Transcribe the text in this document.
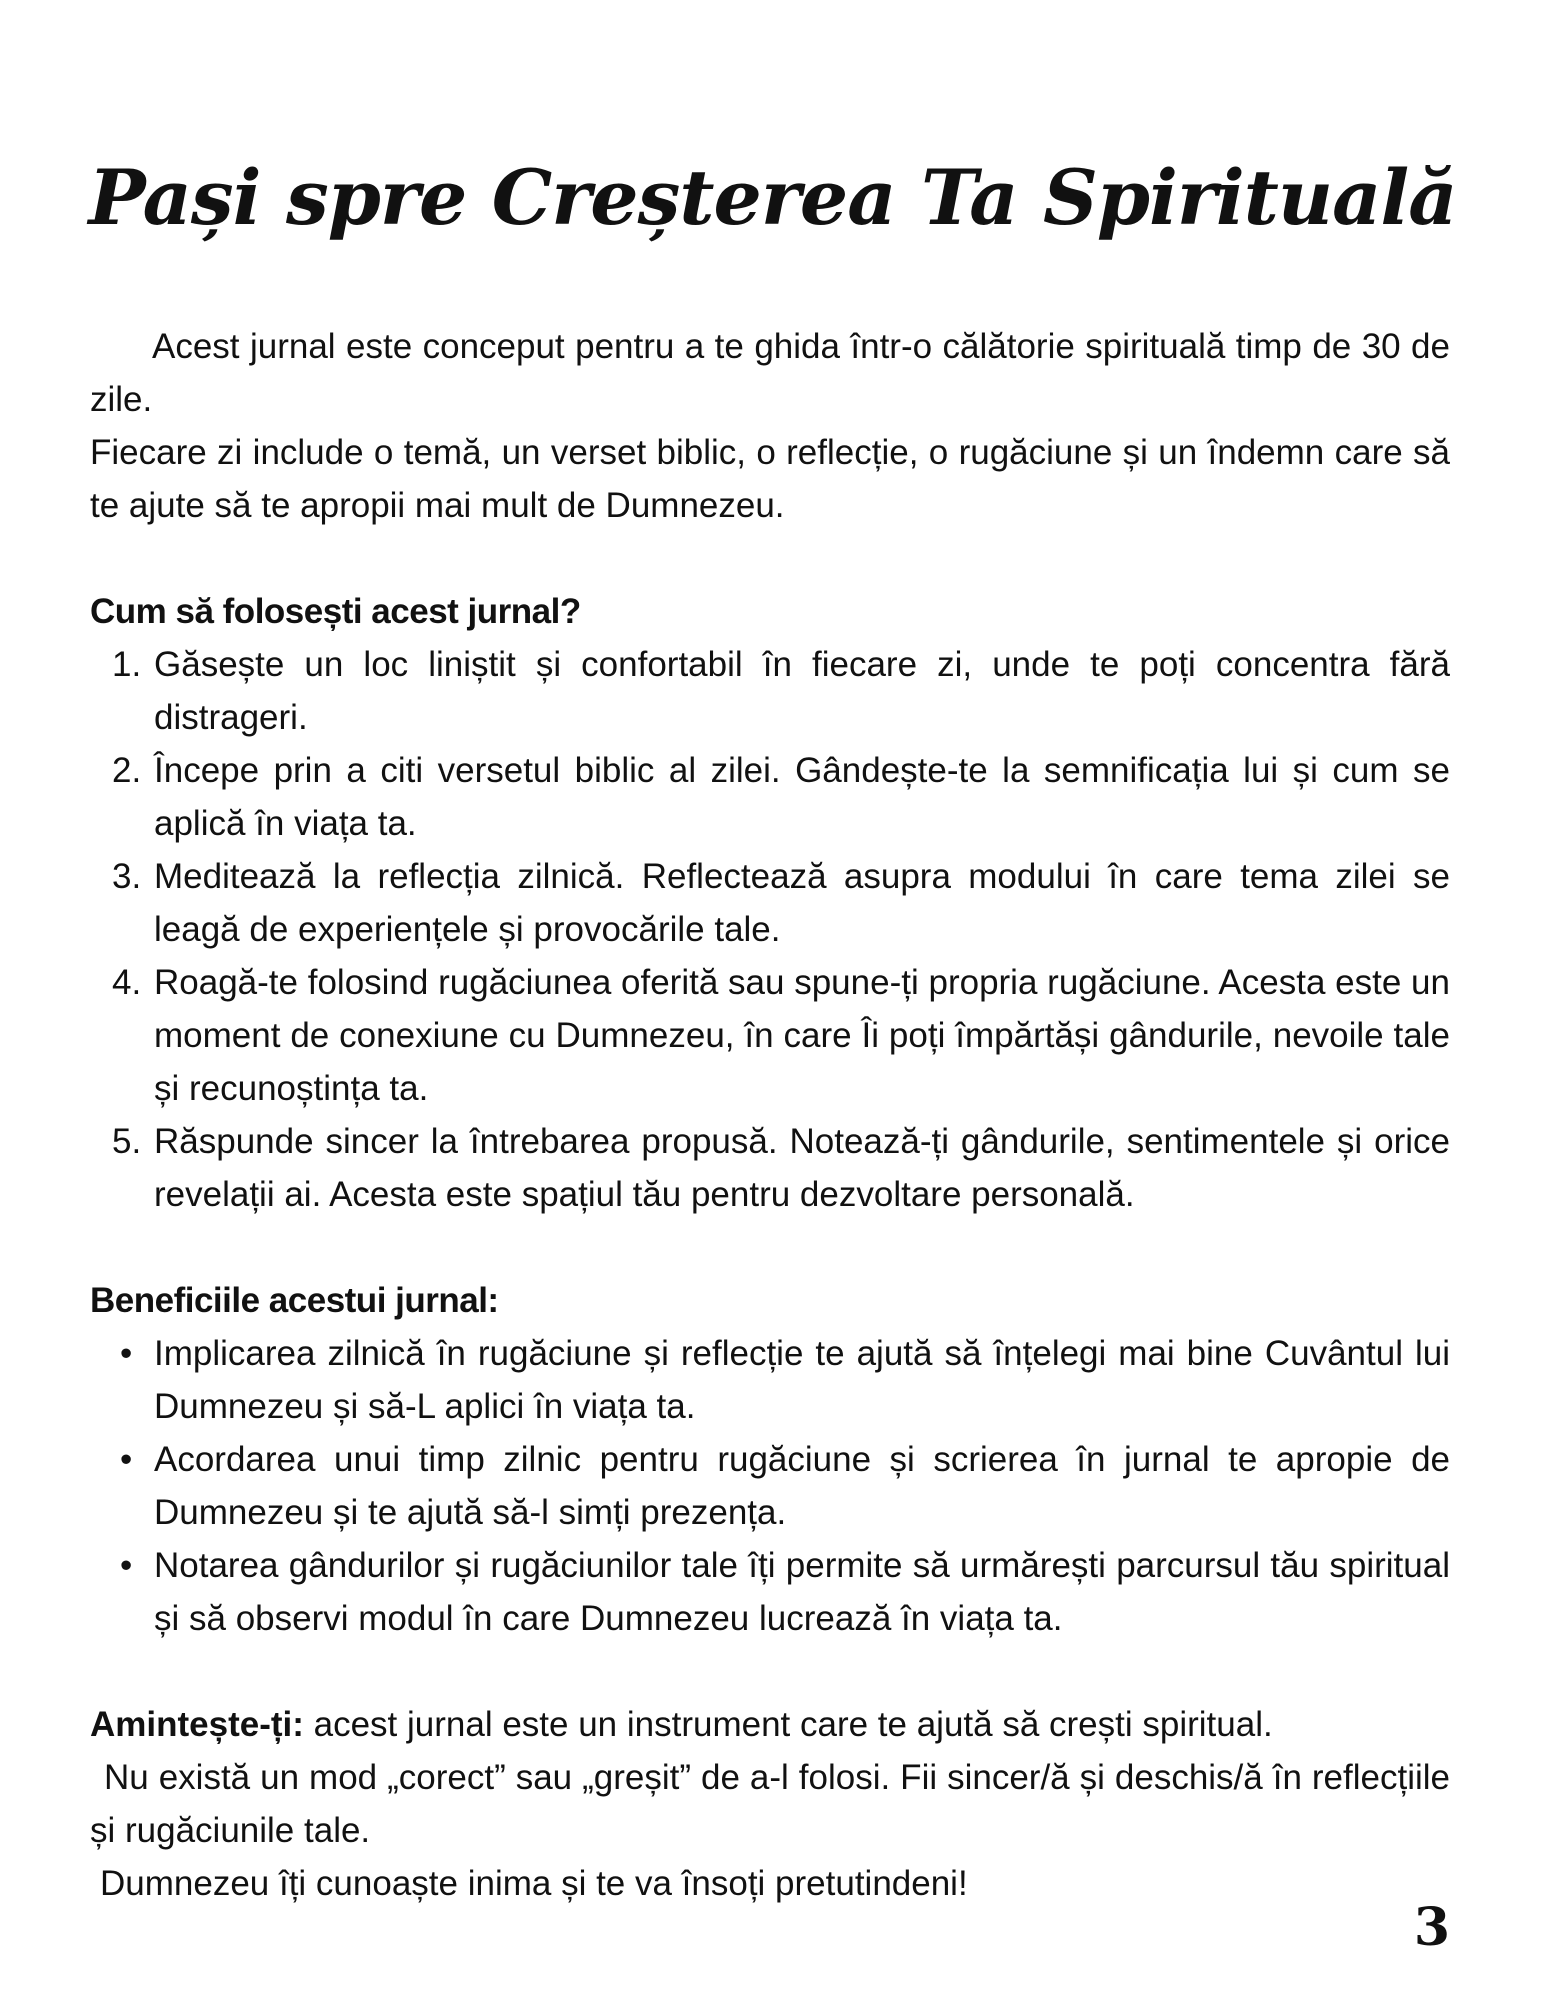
Pași spre Creșterea Ta Spirituală

Acest jurnal este conceput pentru a te ghida într-o călătorie spirituală timp de 30 de zile.

Fiecare zi include o temă, un verset biblic, o reflecție, o rugăciune și un îndemn care să te ajute să te apropii mai mult de Dumnezeu.

Cum să folosești acest jurnal?

1. Găsește un loc liniștit și confortabil în fiecare zi, unde te poți concentra fără distrageri.
2. Începe prin a citi versetul biblic al zilei. Gândește-te la semnificația lui și cum se aplică în viața ta.
3. Meditează la reflecția zilnică. Reflectează asupra modului în care tema zilei se leagă de experiențele și provocările tale.
4. Roagă-te folosind rugăciunea oferită sau spune-ți propria rugăciune. Acesta este un moment de conexiune cu Dumnezeu, în care Îi poți împărtăși gândurile, nevoile tale și recunoștința ta.
5. Răspunde sincer la întrebarea propusă. Notează-ți gândurile, sentimentele și orice revelații ai. Acesta este spațiul tău pentru dezvoltare personală.

Beneficiile acestui jurnal:

• Implicarea zilnică în rugăciune și reflecție te ajută să înțelegi mai bine Cuvântul lui Dumnezeu și să-L aplici în viața ta.
• Acordarea unui timp zilnic pentru rugăciune și scrierea în jurnal te apropie de Dumnezeu și te ajută să-l simți prezența.
• Notarea gândurilor și rugăciunilor tale îți permite să urmărești parcursul tău spiritual și să observi modul în care Dumnezeu lucrează în viața ta.

Amintește-ți: acest jurnal este un instrument care te ajută să crești spiritual.

Nu există un mod „corect” sau „greșit” de a-l folosi. Fii sincer/ă și deschis/ă în reflecțiile și rugăciunile tale.

Dumnezeu îți cunoaște inima și te va însoți pretutindeni!

3
